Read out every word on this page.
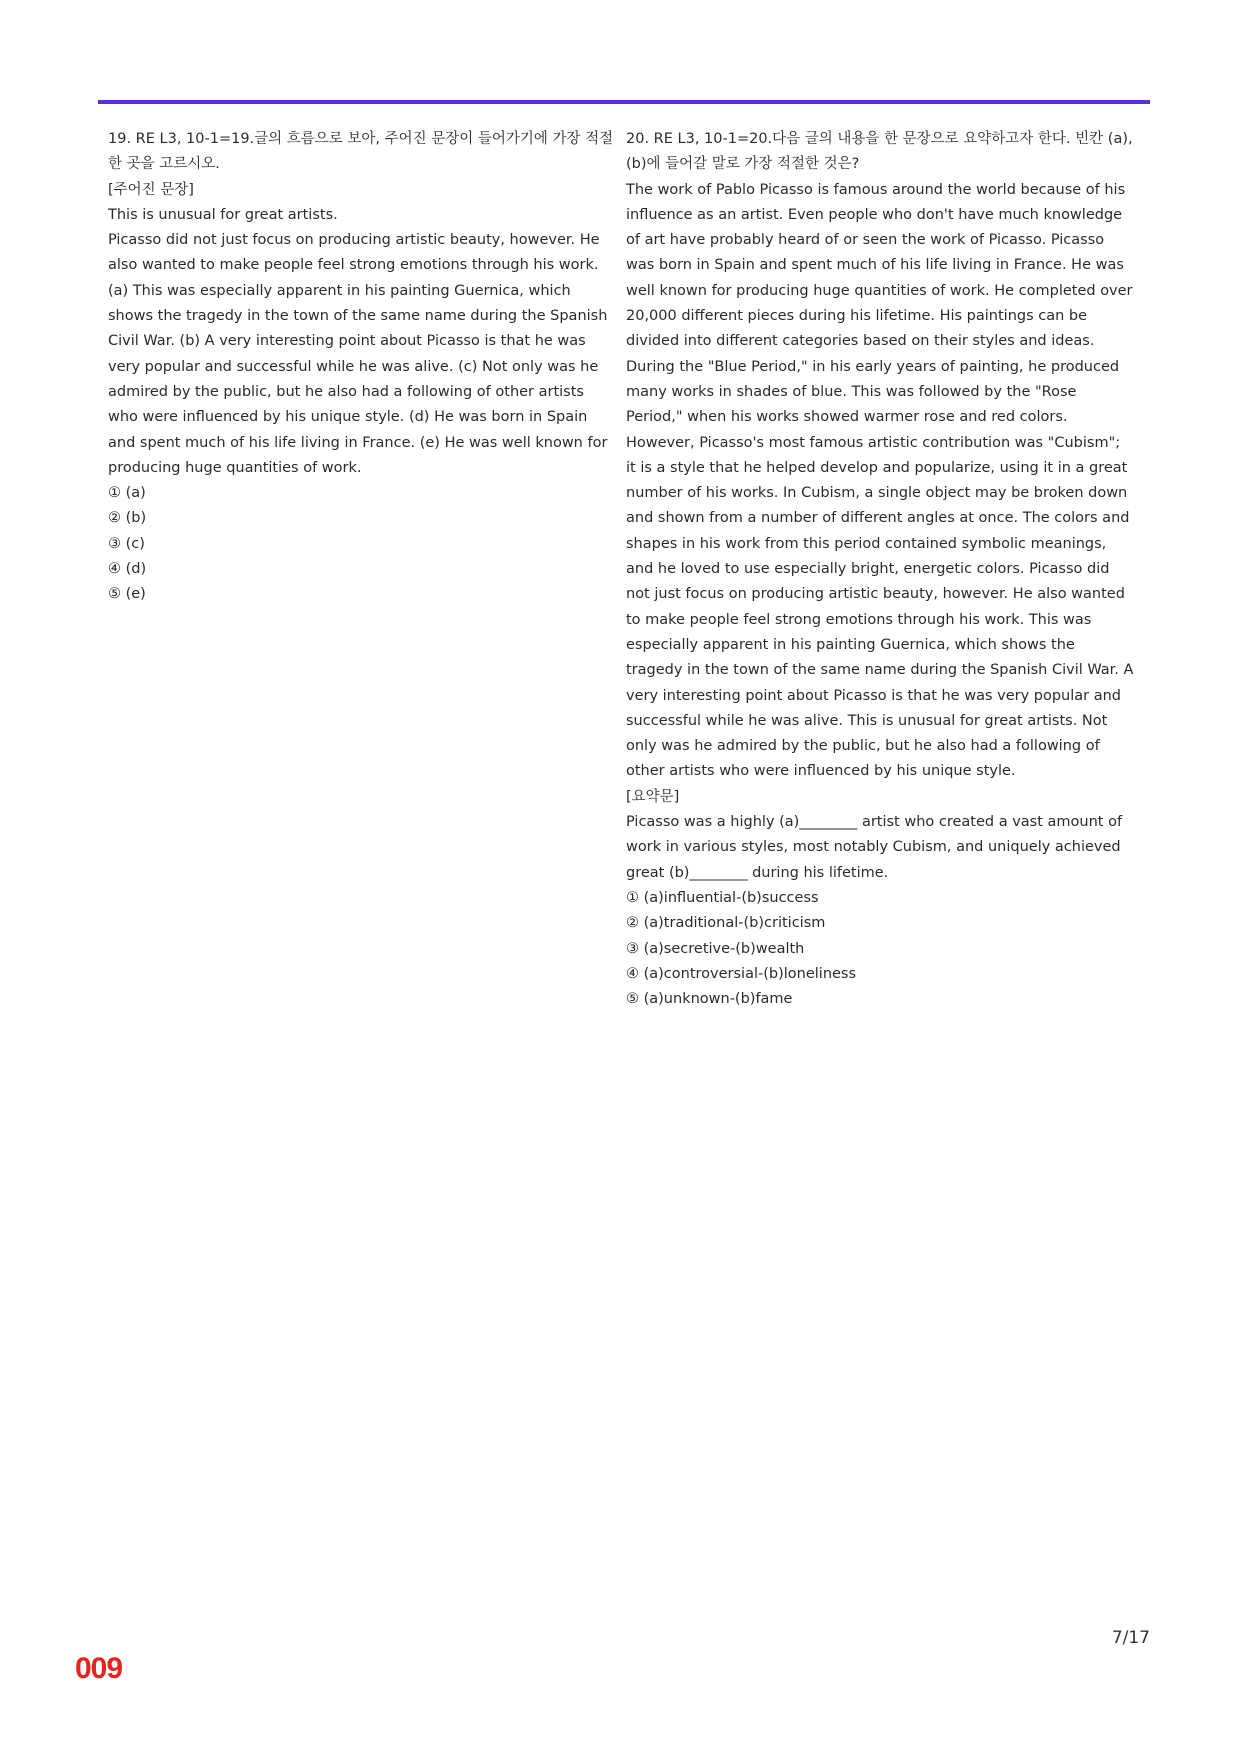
19. RE L3, 10-1=19.글의 흐름으로 보아, 주어진 문장이 들어가기에 가장 적절한 곳을 고르시오.

[주어진 문장]

This is unusual for great artists.

Picasso did not just focus on producing artistic beauty, however. He also wanted to make people feel strong emotions through his work. (a) This was especially apparent in his painting Guernica, which shows the tragedy in the town of the same name during the Spanish Civil War. (b) A very interesting point about Picasso is that he was very popular and successful while he was alive. (c) Not only was he admired by the public, but he also had a following of other artists who were influenced by his unique style. (d) He was born in Spain and spent much of his life living in France. (e) He was well known for producing huge quantities of work.

① (a)
② (b)
③ (c)
④ (d)
⑤ (e)

20. RE L3, 10-1=20.다음 글의 내용을 한 문장으로 요약하고자 한다. 빈칸 (a), (b)에 들어갈 말로 가장 적절한 것은?

The work of Pablo Picasso is famous around the world because of his influence as an artist. Even people who don't have much knowledge of art have probably heard of or seen the work of Picasso. Picasso was born in Spain and spent much of his life living in France. He was well known for producing huge quantities of work. He completed over 20,000 different pieces during his lifetime. His paintings can be divided into different categories based on their styles and ideas. During the "Blue Period," in his early years of painting, he produced many works in shades of blue. This was followed by the "Rose Period," when his works showed warmer rose and red colors. However, Picasso's most famous artistic contribution was "Cubism"; it is a style that he helped develop and popularize, using it in a great number of his works. In Cubism, a single object may be broken down and shown from a number of different angles at once. The colors and shapes in his work from this period contained symbolic meanings, and he loved to use especially bright, energetic colors. Picasso did not just focus on producing artistic beauty, however. He also wanted to make people feel strong emotions through his work. This was especially apparent in his painting Guernica, which shows the tragedy in the town of the same name during the Spanish Civil War. A very interesting point about Picasso is that he was very popular and successful while he was alive. This is unusual for great artists. Not only was he admired by the public, but he also had a following of other artists who were influenced by his unique style.

[요약문]

Picasso was a highly (a)________ artist who created a vast amount of work in various styles, most notably Cubism, and uniquely achieved great (b)________ during his lifetime.

① (a)influential-(b)success
② (a)traditional-(b)criticism
③ (a)secretive-(b)wealth
④ (a)controversial-(b)loneliness
⑤ (a)unknown-(b)fame
7/17
009
